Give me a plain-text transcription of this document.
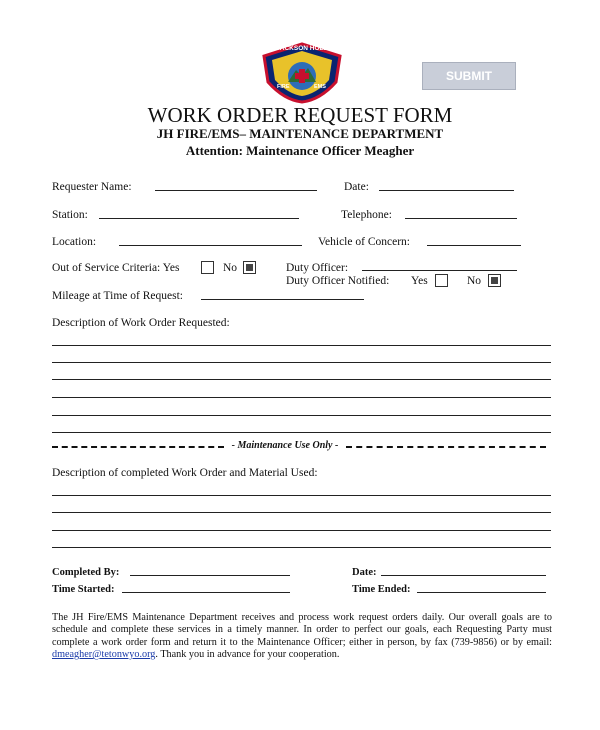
JACKSON HOLE
FIRE	EMS
SUBMIT
WORK ORDER REQUEST FORM
JH FIRE/EMS– MAINTENANCE DEPARTMENT
Attention: Maintenance Officer Meagher
Requester Name:	Date:
Station:	Telephone:
Location:	Vehicle of Concern:
Out of Service Criteria: Yes	No	Duty Officer:
Duty Officer Notified: Yes	No
Mileage at Time of Request:
Description of Work Order Requested:
- Maintenance Use Only -
Description of completed Work Order and Material Used:
Completed By:	Date:
Time Started:	Time Ended:
The JH Fire/EMS Maintenance Department receives and process work request orders daily. Our overall goals are to schedule and complete these services in a timely manner. In order to perfect our goals, each Requesting Party must complete a work order form and return it to the Maintenance Officer; either in person, by fax (739-9856) or by email: dmeagher@tetonwyo.org. Thank you in advance for your cooperation.
